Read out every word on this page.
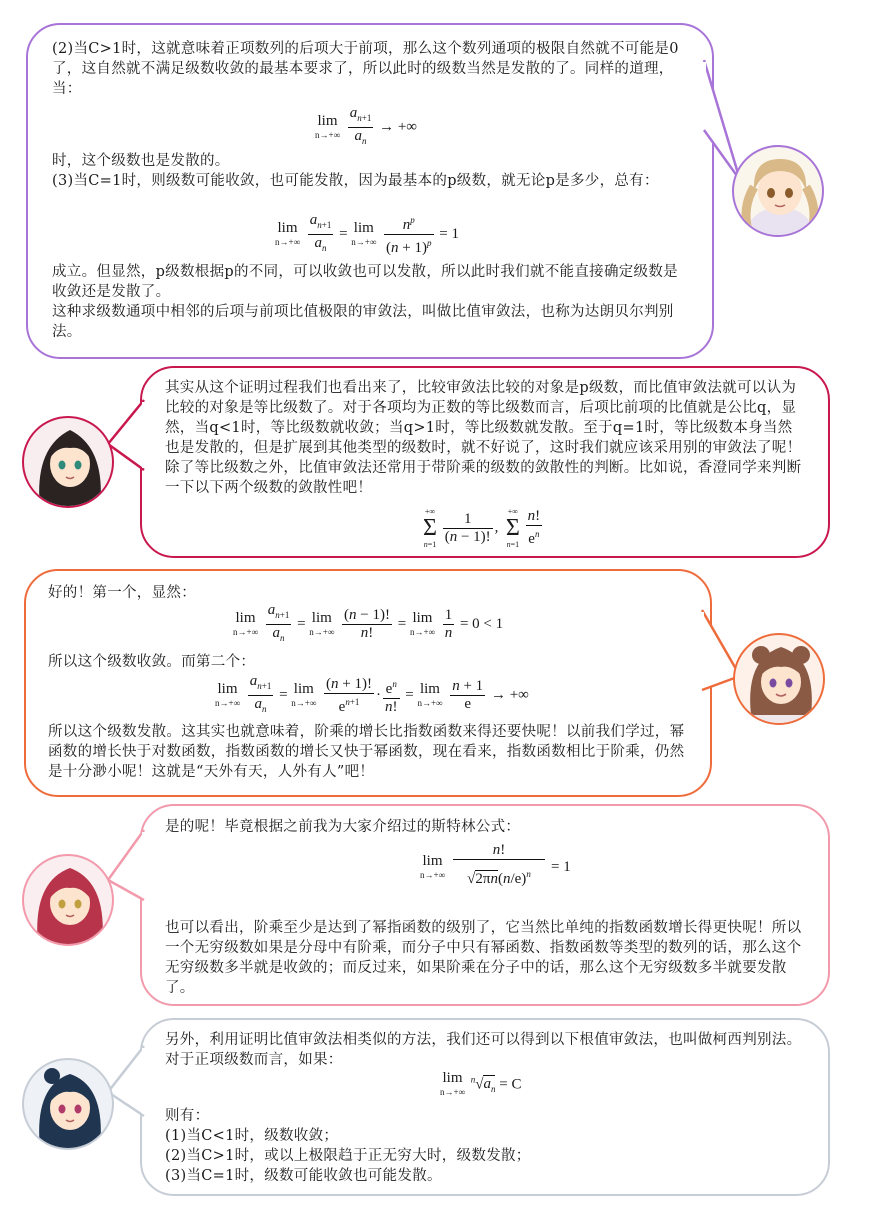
(2)当C>1时，这就意味着正项数列的后项大于前项，那么这个数列通项的极限自然就不可能是0了，这自然就不满足级数收敛的最基本要求了，所以此时的级数当然是发散的了。同样的道理，当：

lim
n→+∞
$\frac{a_{n+1}}{a_n}$ → +∞

时，这个级数也是发散的。

(3)当C=1时，则级数可能收敛，也可能发散，因为最基本的p级数，就无论p是多少，总有：

lim
n→+∞
$\frac{a_{n+1}}{a_n} = \lim$
n→+∞
$\frac{n^p}{(n + 1)^p} = 1$

成立。但显然，p级数根据p的不同，可以收敛也可以发散，所以此时我们就不能直接确定级数是收敛还是发散了。

这种求级数通项中相邻的后项与前项比值极限的审敛法，叫做比值审敛法，也称为达朗贝尔判别法。

其实从这个证明过程我们也看出来了，比较审敛法比较的对象是p级数，而比值审敛法就可以认为比较的对象是等比级数了。对于各项均为正数的等比级数而言，后项比前项的比值就是公比q，显然，当q<1时，等比级数就收敛；当q>1时，等比级数就发散。至于q=1时，等比级数本身当然也是发散的，但是扩展到其他类型的级数时，就不好说了，这时我们就应该采用别的审敛法了呢！除了等比级数之外，比值审敛法还常用于带阶乘的级数的敛散性的判断。比如说，香澄同学来判断一下以下两个级数的敛散性吧！

+∞
Σ
n=1
$\frac{1}{(n - 1)!}$ ,
+∞
Σ
n=1
$\frac{n!}{e^n}$

好的！第一个，显然：

lim
n→+∞
$\frac{a_{n+1}}{a_n} = \lim$
n→+∞
$\frac{(n - 1)!}{n!} = \lim$
n→+∞
$\frac{1}{n} = 0 < 1$

所以这个级数收敛。而第二个：

lim
n→+∞
$\frac{a_{n+1}}{a_n} = \lim$
n→+∞
$\frac{(n + 1)!}{e^{n+1}} \cdot \frac{e^n}{n!} = \lim$
n→+∞
$\frac{n + 1}{e}$ → +∞

所以这个级数发散。这其实也就意味着，阶乘的增长比指数函数来得还要快呢！以前我们学过，幂函数的增长快于对数函数，指数函数的增长又快于幂函数，现在看来，指数函数相比于阶乘，仍然是十分渺小呢！这就是“天外有天，人外有人”吧！

是的呢！毕竟根据之前我为大家介绍过的斯特林公式：

lim
n→+∞
$\frac{n!}{√2\pi n(n/e)^n} = 1$

也可以看出，阶乘至少是达到了幂指函数的级别了，它当然比单纯的指数函数增长得更快呢！所以一个无穷级数如果是分母中有阶乘，而分子中只有幂函数、指数函数等类型的数列的话，那么这个无穷级数多半就是收敛的；而反过来，如果阶乘在分子中的话，那么这个无穷级数多半就要发散了。

另外，利用证明比值审敛法相类似的方法，我们还可以得到以下根值审敛法，也叫做柯西判别法。对于正项级数而言，如果：

lim
n→+∞
$^n√a_n = C$

则有：

(1)当C<1时，级数收敛；

(2)当C>1时，或以上极限趋于正无穷大时，级数发散；

(3)当C=1时，级数可能收敛也可能发散。
